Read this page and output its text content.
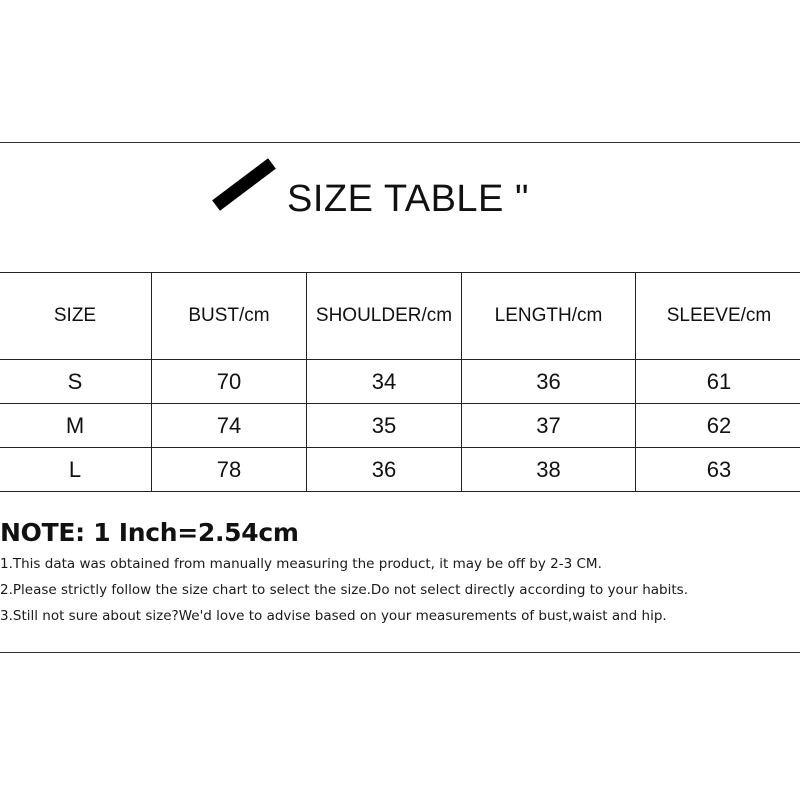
SIZE TABLE "
SIZE	BUST/cm	SHOULDER/cm	LENGTH/cm	SLEEVE/cm
S	70	34	36	61
M	74	35	37	62
L	78	36	38	63
NOTE: 1 Inch=2.54cm
1.This data was obtained from manually measuring the product, it may be off by 2-3 CM.
2.Please strictly follow the size chart to select the size.Do not select directly according to your habits.
3.Still not sure about size?We'd love to advise based on your measurements of bust,waist and hip.
